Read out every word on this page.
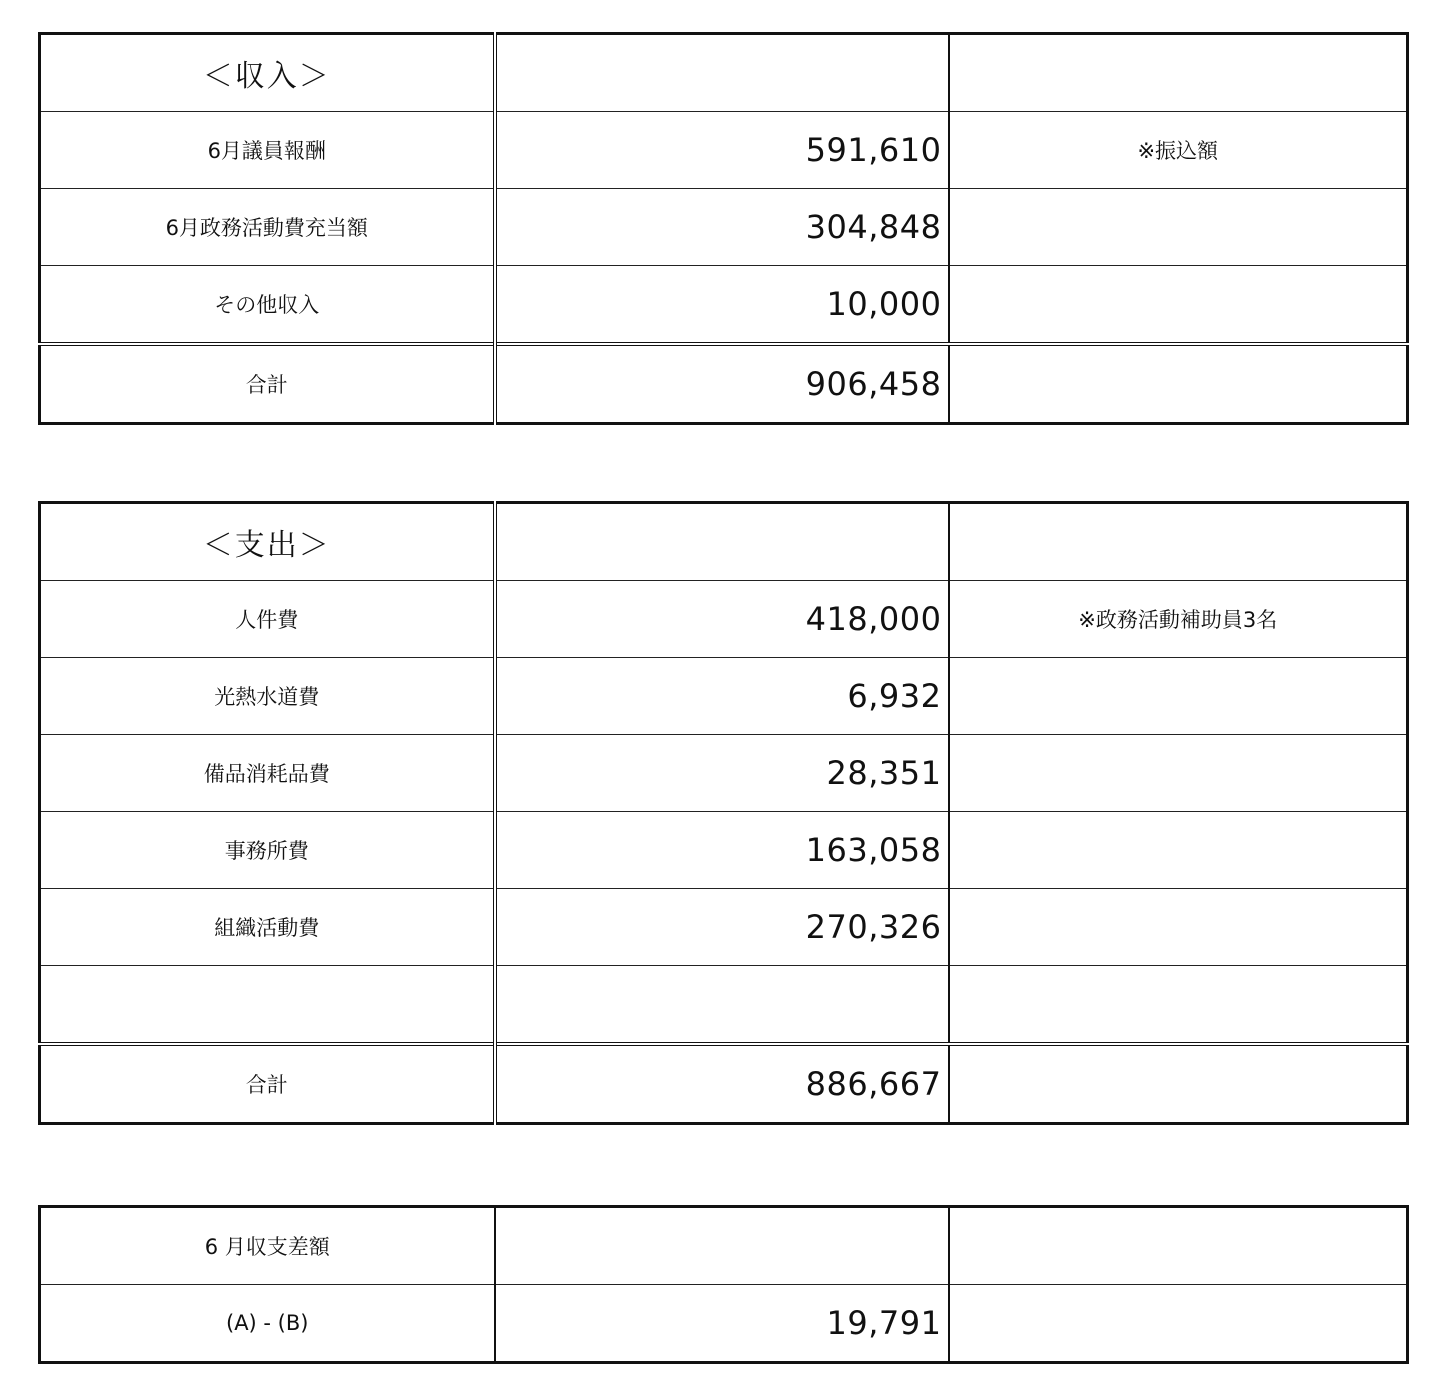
＜収入＞		
6月議員報酬	591,610	※振込額
6月政務活動費充当額	304,848	
その他収入	10,000	
合計	906,458	
＜支出＞		
人件費	418,000	※政務活動補助員3名
光熱水道費	6,932	
備品消耗品費	28,351	
事務所費	163,058	
組織活動費	270,326	

合計	886,667	
6 月収支差額		
(A) - (B)	19,791	
